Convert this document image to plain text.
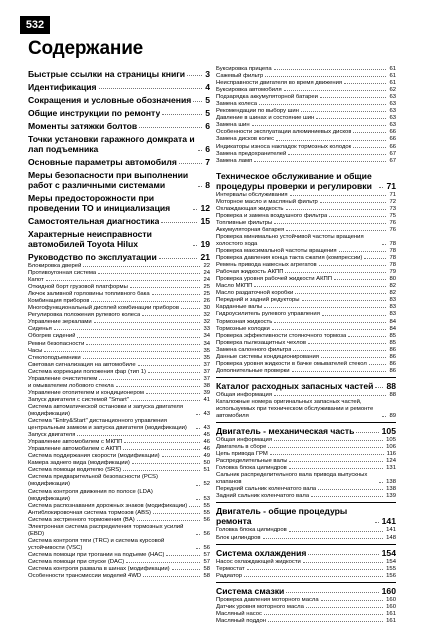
532
Содержание
Быстрые ссылки на страницы книги 3
Идентификация	4
Сокращения и условные обозначения 5
Общие инструкции по ремонту	5
Моменты затяжки болтов	6
Точки установки гаражного домкрата и лап подъемника	6
Основные параметры автомобиля	7
Меры безопасности при выполнении работ с различными системами	8
Меры предосторожности при проведении ТО и инициализация	12
Самостоятельная диагностика	15
Характерные неисправности автомобилей Toyota Hilux	19
Руководство по эксплуатации	21
Блокировка дверей	22
Противоугонная система	24
Капот	24
Откидной борт грузовой платформы	25
Лючок заливной горловины топливного бака	25
Комбинация приборов	26
Многофункциональный дисплей комбинации приборов	30
Регулировка положения рулевого колеса	32
Управление зеркалами	32
Сиденья	33
Обогрев сидений	34
Ремни безопасности	34
Часы	35
Стеклоподъемники	35
Световая сигнализация на автомобиле	37
Система коррекции положения фар (тип 1)	37
Управление очистителем	37
и омывателем лобового стекла	38
Управление отопителем и кондиционером	39
Запуск двигателя с системой "Smart"	41
Система автоматической остановки и запуска двигателя (модификации)	43
Система "Entry&Start" дистанционного управления центральным замком и запуска двигателя (модификации)	43
Запуск двигателя	45
Управление автомобилем с МКПП	46
Управление автомобилем с АКПП	46
Система поддержания скорости (модификации)	49
Камера заднего вида (модификации)	50
Система помощи водителю (SRS)	51
Система предварительной безопасности (PCS) (модификации)	52
Система контроля движения по полосе (LDA) (модификации)	53
Система распознавания дорожных знаков (модификации)	55
Антиблокировочная система тормозов (ABS)	55
Система экстренного торможения (BA)	56
Электронная система распределения тормозных усилий (EBD)	56
Система контроля тяги (TRC) и система курсовой устойчивости (VSC)	56
Система помощи при трогании на подъеме (HAC)	57
Система помощи при спуске (DAC)	57
Система контроля развала в шинах (модификации)	58
Особенности трансмиссии моделей 4WD	58
Буксировка прицепа	61
Сажевый фильтр	61
Неисправности двигателя во время движения	61
Буксировка автомобиля	62
Подзарядка аккумуляторной батареи	63
Замена колеса	63
Рекомендации по выбору шин	63
Давление в шинах и состояние шин	63
Замена шин	63
Особенности эксплуатации алюминиевых дисков	66
Замена дисков колес	66
Индикаторы износа накладок тормозных колодок	66
Замена предохранителей	67
Замена ламп	67
Техническое обслуживание и общие процедуры проверки и регулировки	71
Интервалы обслуживания	71
Моторное масло и масляный фильтр	72
Охлаждающая жидкость	73
Проверка и замена воздушного фильтра	75
Топливные фильтры	76
Аккумуляторная батарея	76
Проверка минимально устойчивой частоты вращения холостого хода	78
Проверка максимальной частоты вращения	78
Проверка давления конца такта сжатия (компрессии)	78
Ремень привода навесных агрегатов	78
Рабочая жидкость АКПП	79
Проверка уровня рабочей жидкости АКПП	80
Масло МКПП	82
Масло раздаточной коробки	82
Передний и задний редукторы	83
Карданные валы	83
Гидроусилитель рулевого управления	83
Тормозная жидкость	84
Тормозные колодки	84
Проверка эффективности стояночного тормоза	85
Проверка пылезащитных чехлов	85
Замена салонного фильтра	86
Данные системы кондиционирования	86
Проверка уровня жидкости в бачке омывателей стекол	86
Дополнительные проверки	86
Каталог расходных запасных частей 88
Общая информация	88
Каталожные номера оригинальных запасных частей, используемых при техническом обслуживании и ремонте автомобиля	89
Двигатель - механическая часть	105
Общая информация	105
Двигатель в сборе	106
Цепь привода ГРМ	116
Распределительные валы	124
Головка блока цилиндров	131
Сальник распределительного вала привода выпускных клапанов	138
Передний сальник коленчатого вала	138
Задний сальник коленчатого вала	139
Двигатель - общие процедуры ремонта	141
Головка блока цилиндров	141
Блок цилиндров	148
Система охлаждения	154
Насос охлаждающей жидкости	154
Термостат	155
Радиатор	156
Система смазки	160
Проверка давления моторного масла	160
Датчик уровня моторного масла	160
Масляный насос	161
Масляный поддон	161
